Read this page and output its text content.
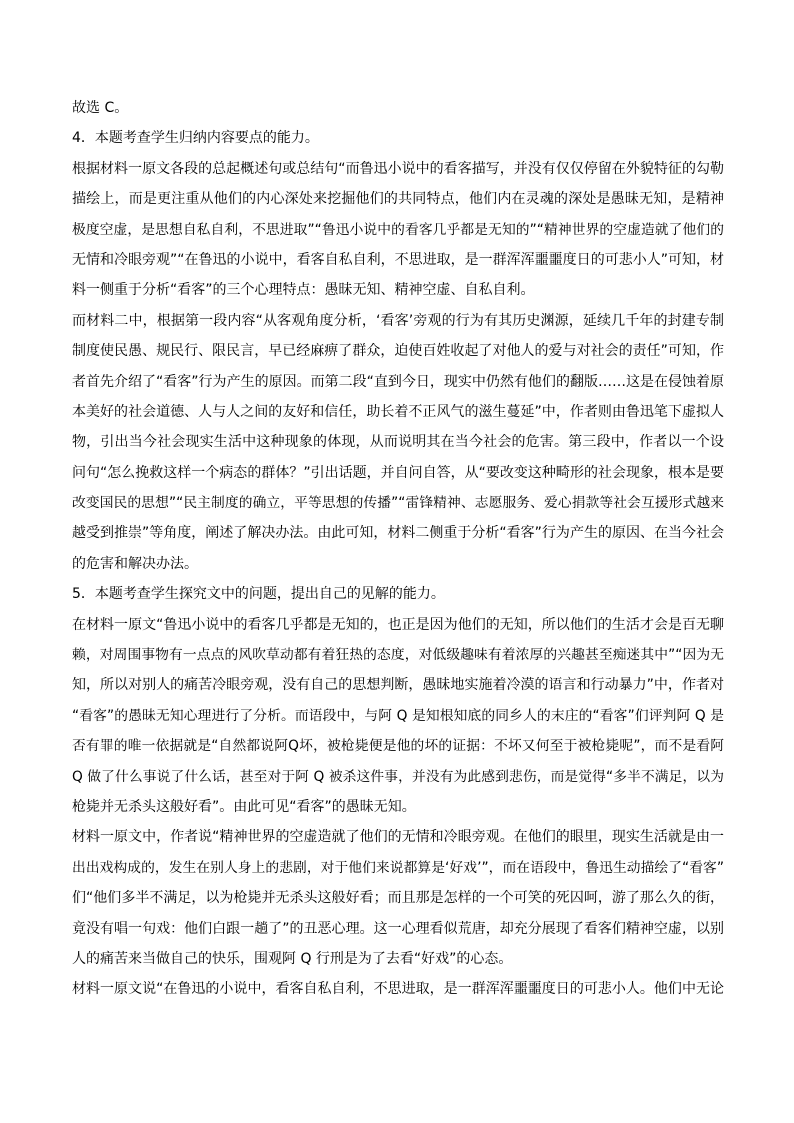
故选 C。
4．本题考查学生归纳内容要点的能力。
根据材料一原文各段的总起概述句或总结句“而鲁迅小说中的看客描写，并没有仅仅停留在外貌特征的勾勒
描绘上，而是更注重从他们的内心深处来挖掘他们的共同特点，他们内在灵魂的深处是愚昧无知，是精神
极度空虚，是思想自私自利，不思进取”“鲁迅小说中的看客几乎都是无知的”“精神世界的空虚造就了他们的
无情和冷眼旁观”“在鲁迅的小说中，看客自私自利，不思进取，是一群浑浑噩噩度日的可悲小人”可知，材
料一侧重于分析“看客”的三个心理特点：愚昧无知、精神空虚、自私自利。
而材料二中，根据第一段内容“从客观角度分析，‘看客’旁观的行为有其历史渊源，延续几千年的封建专制
制度使民愚、规民行、限民言，早已经麻痹了群众，迫使百姓收起了对他人的爱与对社会的责任”可知，作
者首先介绍了“看客”行为产生的原因。而第二段“直到今日，现实中仍然有他们的翻版……这是在侵蚀着原
本美好的社会道德、人与人之间的友好和信任，助长着不正风气的滋生蔓延”中，作者则由鲁迅笔下虚拟人
物，引出当今社会现实生活中这种现象的体现，从而说明其在当今社会的危害。第三段中，作者以一个设
问句“怎么挽救这样一个病态的群体？”引出话题，并自问自答，从“要改变这种畸形的社会现象，根本是要
改变国民的思想”“民主制度的确立，平等思想的传播”“雷锋精神、志愿服务、爱心捐款等社会互援形式越来
越受到推崇”等角度，阐述了解决办法。由此可知，材料二侧重于分析“看客”行为产生的原因、在当今社会
的危害和解决办法。
5．本题考查学生探究文中的问题，提出自己的见解的能力。
在材料一原文“鲁迅小说中的看客几乎都是无知的，也正是因为他们的无知，所以他们的生活才会是百无聊
赖，对周围事物有一点点的风吹草动都有着狂热的态度，对低级趣味有着浓厚的兴趣甚至痴迷其中”“因为无
知，所以对别人的痛苦冷眼旁观，没有自己的思想判断，愚昧地实施着冷漠的语言和行动暴力”中，作者对
“看客”的愚昧无知心理进行了分析。而语段中，与阿 Q 是知根知底的同乡人的末庄的“看客”们评判阿 Q 是
否有罪的唯一依据就是“自然都说阿Q坏，被枪毙便是他的坏的证据：不坏又何至于被枪毙呢”，而不是看阿
Q 做了什么事说了什么话，甚至对于阿 Q 被杀这件事，并没有为此感到悲伤，而是觉得“多半不满足，以为
枪毙并无杀头这般好看”。由此可见“看客”的愚昧无知。
材料一原文中，作者说“精神世界的空虚造就了他们的无情和冷眼旁观。在他们的眼里，现实生活就是由一
出出戏构成的，发生在别人身上的悲剧，对于他们来说都算是‘好戏’”，而在语段中，鲁迅生动描绘了“看客”
们“他们多半不满足，以为枪毙并无杀头这般好看；而且那是怎样的一个可笑的死囚呵，游了那么久的街，
竟没有唱一句戏：他们白跟一趟了”的丑恶心理。这一心理看似荒唐，却充分展现了看客们精神空虚，以别
人的痛苦来当做自己的快乐，围观阿 Q 行刑是为了去看“好戏”的心态。
材料一原文说“在鲁迅的小说中，看客自私自利，不思进取，是一群浑浑噩噩度日的可悲小人。他们中无论
